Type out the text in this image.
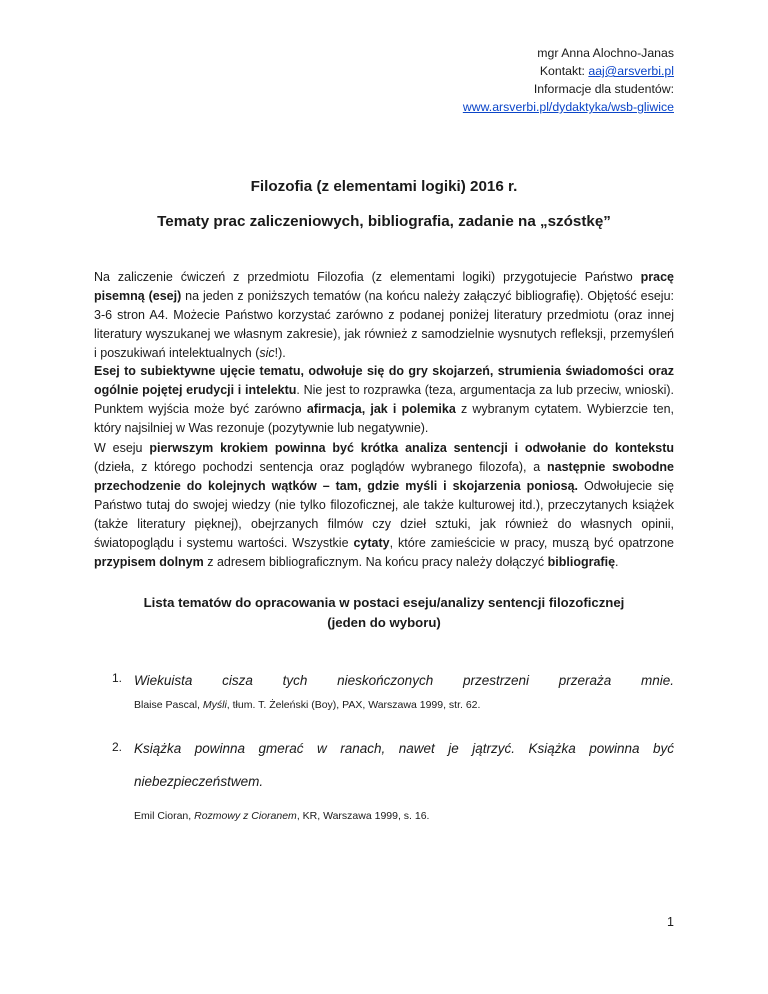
mgr Anna Alochno-Janas
Kontakt: aaj@arsverbi.pl
Informacje dla studentów:
www.arsverbi.pl/dydaktyka/wsb-gliwice
Filozofia (z elementami logiki) 2016 r.
Tematy prac zaliczeniowych, bibliografia, zadanie na „szóstkę”

Na zaliczenie ćwiczeń z przedmiotu Filozofia (z elementami logiki) przygotujecie Państwo pracę pisemną (esej) na jeden z poniższych tematów (na końcu należy załączyć bibliografię). Objętość eseju: 3-6 stron A4. Możecie Państwo korzystać zarówno z podanej poniżej literatury przedmiotu (oraz innej literatury wyszukanej we własnym zakresie), jak również z samodzielnie wysnutych refleksji, przemyśleń i poszukiwań intelektualnych (sic!).

Esej to subiektywne ujęcie tematu, odwołuje się do gry skojarzeń, strumienia świadomości oraz ogólnie pojętej erudycji i intelektu. Nie jest to rozprawka (teza, argumentacja za lub przeciw, wnioski). Punktem wyjścia może być zarówno afirmacja, jak i polemika z wybranym cytatem. Wybierzcie ten, który najsilniej w Was rezonuje (pozytywnie lub negatywnie).

W eseju pierwszym krokiem powinna być krótka analiza sentencji i odwołanie do kontekstu (dzieła, z którego pochodzi sentencja oraz poglądów wybranego filozofa), a następnie swobodne przechodzenie do kolejnych wątków – tam, gdzie myśli i skojarzenia poniosą. Odwołujecie się Państwo tutaj do swojej wiedzy (nie tylko filozoficznej, ale także kulturowej itd.), przeczytanych książek (także literatury pięknej), obejrzanych filmów czy dzieł sztuki, jak również do własnych opinii, światopoglądu i systemu wartości. Wszystkie cytaty, które zamieścicie w pracy, muszą być opatrzone przypisem dolnym z adresem bibliograficznym. Na końcu pracy należy dołączyć bibliografię.

Lista tematów do opracowania w postaci eseju/analizy sentencji filozoficznej
(jeden do wyboru)
1. Wiekuista cisza tych nieskończonych przestrzeni przeraża mnie.
Blaise Pascal, Myśli, tłum. T. Żeleński (Boy), PAX, Warszawa 1999, str. 62.
2. Książka powinna gmerać w ranach, nawet je jątrzyć. Książka powinna być niebezpieczeństwem.
Emil Cioran, Rozmowy z Cioranem, KR, Warszawa 1999, s. 16.
1
